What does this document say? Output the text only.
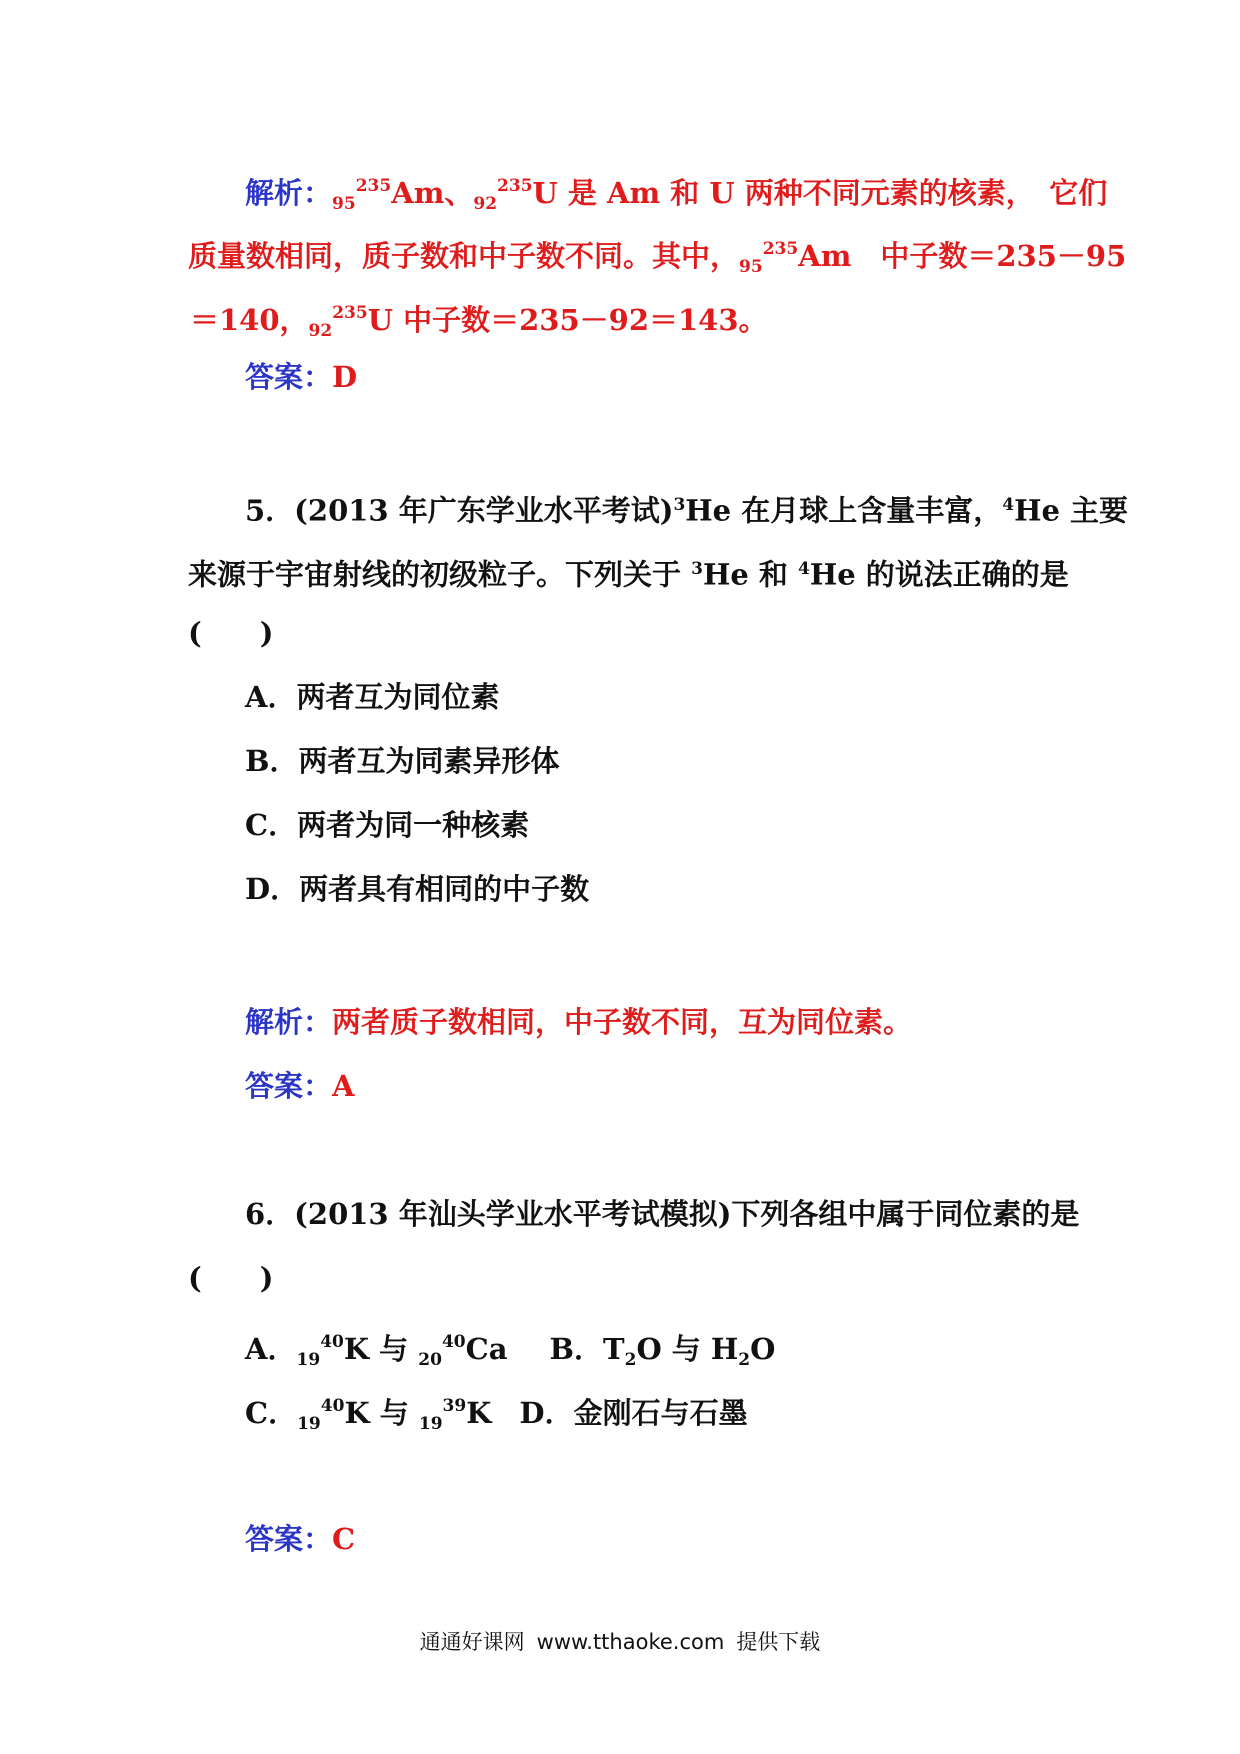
解析：$_{95}^{235}$Am、$_{92}^{235}$U 是 Am 和 U 两种不同元素的核素，　它们
质量数相同，质子数和中子数不同。其中，$_{95}^{235}$Am　中子数＝235－95
＝140，$_{92}^{235}$U 中子数＝235－92＝143。
答案：D
5．(2013 年广东学业水平考试)$^3$He 在月球上含量丰富，$^4$He 主要
来源于宇宙射线的初级粒子。下列关于 $^3$He 和 $^4$He 的说法正确的是
(　　)
A．两者互为同位素
B．两者互为同素异形体
C．两者为同一种核素
D．两者具有相同的中子数
解析：两者质子数相同，中子数不同，互为同位素。
答案：A
6．(2013 年汕头学业水平考试模拟)下列各组中属于同位素的是
(　　)
A．$_{19}^{40}$K 与 $_{20}^{40}$Ca B．$T_2O$ 与 $H_2O$
C．$_{19}^{40}$K 与 $_{19}^{39}$K D．金刚石与石墨
答案：C
通通好课网 www.tthaoke.com 提供下载
